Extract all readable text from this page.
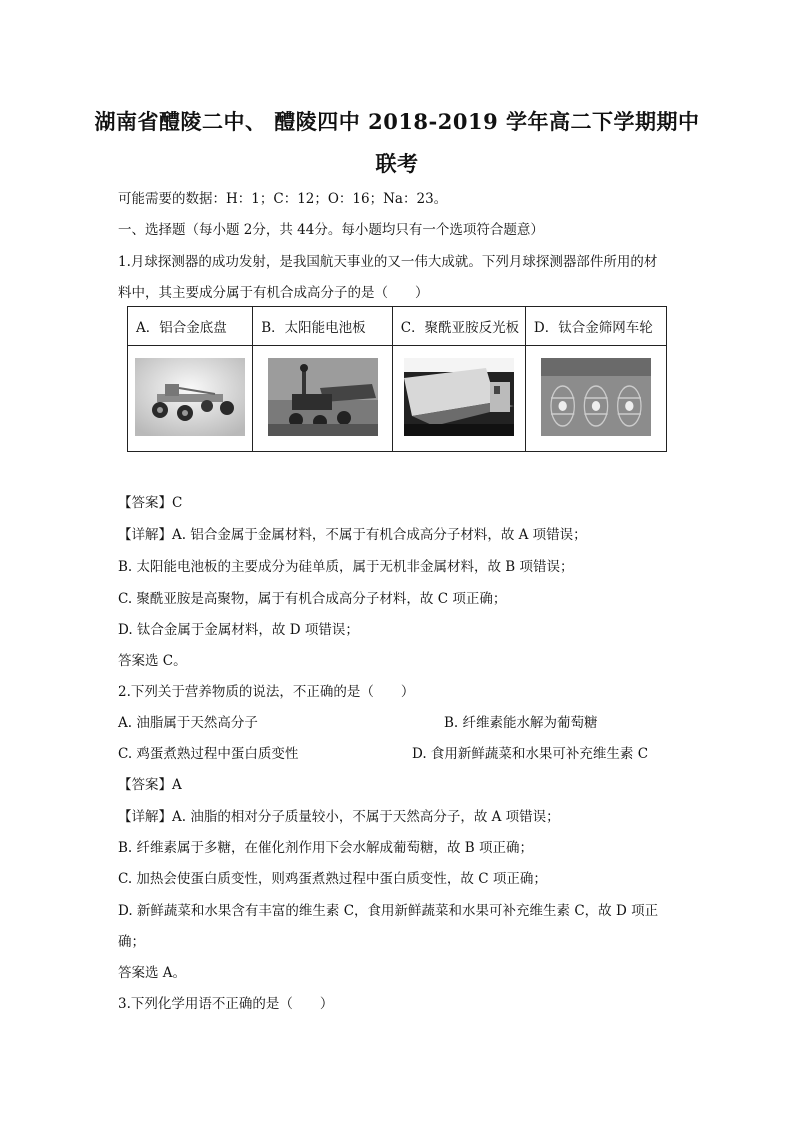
湖南省醴陵二中、 醴陵四中 2018-2019 学年高二下学期期中
联考
可能需要的数据：H：1；C：12；O：16；Na：23。
一、选择题（每小题 2分，共 44分。每小题均只有一个选项符合题意）
1.月球探测器的成功发射，是我国航天事业的又一伟大成就。下列月球探测器部件所用的材
料中，其主要成分属于有机合成高分子的是（　　）
A．铝合金底盘	B．太阳能电池板	C．聚酰亚胺反光板	D．钛合金筛网车轮

【答案】C
【详解】A. 铝合金属于金属材料，不属于有机合成高分子材料，故 A 项错误；
B. 太阳能电池板的主要成分为硅单质，属于无机非金属材料，故 B 项错误；
C. 聚酰亚胺是高聚物，属于有机合成高分子材料，故 C 项正确；
D. 钛合金属于金属材料，故 D 项错误；
答案选 C。
2.下列关于营养物质的说法，不正确的是（　　）
A. 油脂属于天然高分子	B. 纤维素能水解为葡萄糖
C. 鸡蛋煮熟过程中蛋白质变性	D. 食用新鲜蔬菜和水果可补充维生素 C
【答案】A
【详解】A. 油脂的相对分子质量较小，不属于天然高分子，故 A 项错误；
B. 纤维素属于多糖，在催化剂作用下会水解成葡萄糖，故 B 项正确；
C. 加热会使蛋白质变性，则鸡蛋煮熟过程中蛋白质变性，故 C 项正确；
D. 新鲜蔬菜和水果含有丰富的维生素 C，食用新鲜蔬菜和水果可补充维生素 C，故 D 项正
确；
答案选 A。
3.下列化学用语不正确的是（　　）
